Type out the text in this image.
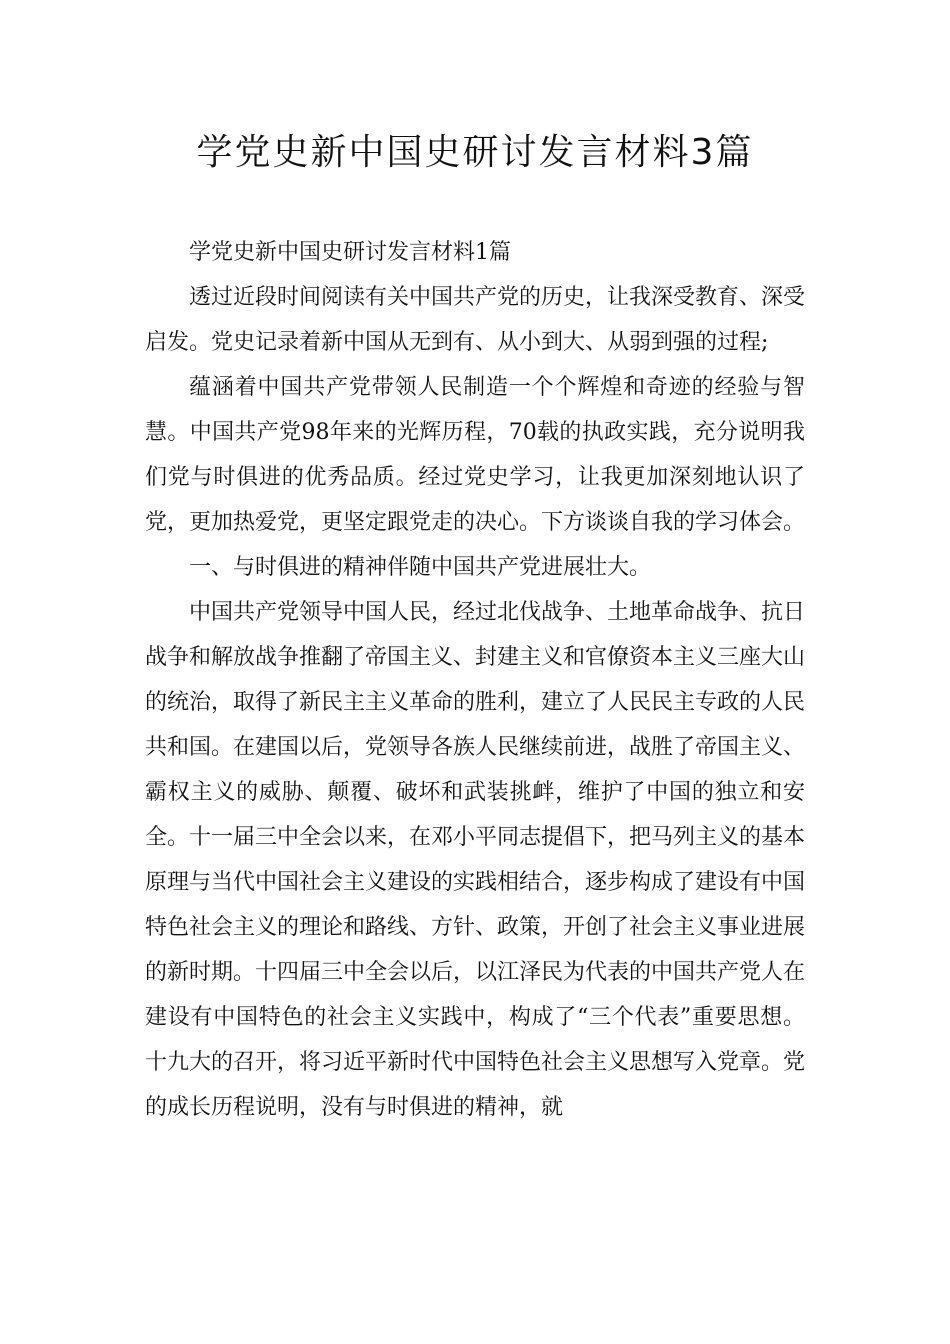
学党史新中国史研讨发言材料3篇

学党史新中国史研讨发言材料1篇

透过近段时间阅读有关中国共产党的历史，让我深受教育、深受启发。党史记录着新中国从无到有、从小到大、从弱到强的过程;

蕴涵着中国共产党带领人民制造一个个辉煌和奇迹的经验与智慧。中国共产党98年来的光辉历程，70载的执政实践，充分说明我们党与时俱进的优秀品质。经过党史学习，让我更加深刻地认识了党，更加热爱党，更坚定跟党走的决心。下方谈谈自我的学习体会。

一、与时俱进的精神伴随中国共产党进展壮大。

中国共产党领导中国人民，经过北伐战争、土地革命战争、抗日战争和解放战争推翻了帝国主义、封建主义和官僚资本主义三座大山的统治，取得了新民主主义革命的胜利，建立了人民民主专政的人民共和国。在建国以后，党领导各族人民继续前进，战胜了帝国主义、霸权主义的威胁、颠覆、破坏和武装挑衅，维护了中国的独立和安全。十一届三中全会以来，在邓小平同志提倡下，把马列主义的基本原理与当代中国社会主义建设的实践相结合，逐步构成了建设有中国特色社会主义的理论和路线、方针、政策，开创了社会主义事业进展的新时期。十四届三中全会以后，以江泽民为代表的中国共产党人在建设有中国特色的社会主义实践中，构成了“三个代表”重要思想。十九大的召开，将习近平新时代中国特色社会主义思想写入党章。党的成长历程说明，没有与时俱进的精神，就
